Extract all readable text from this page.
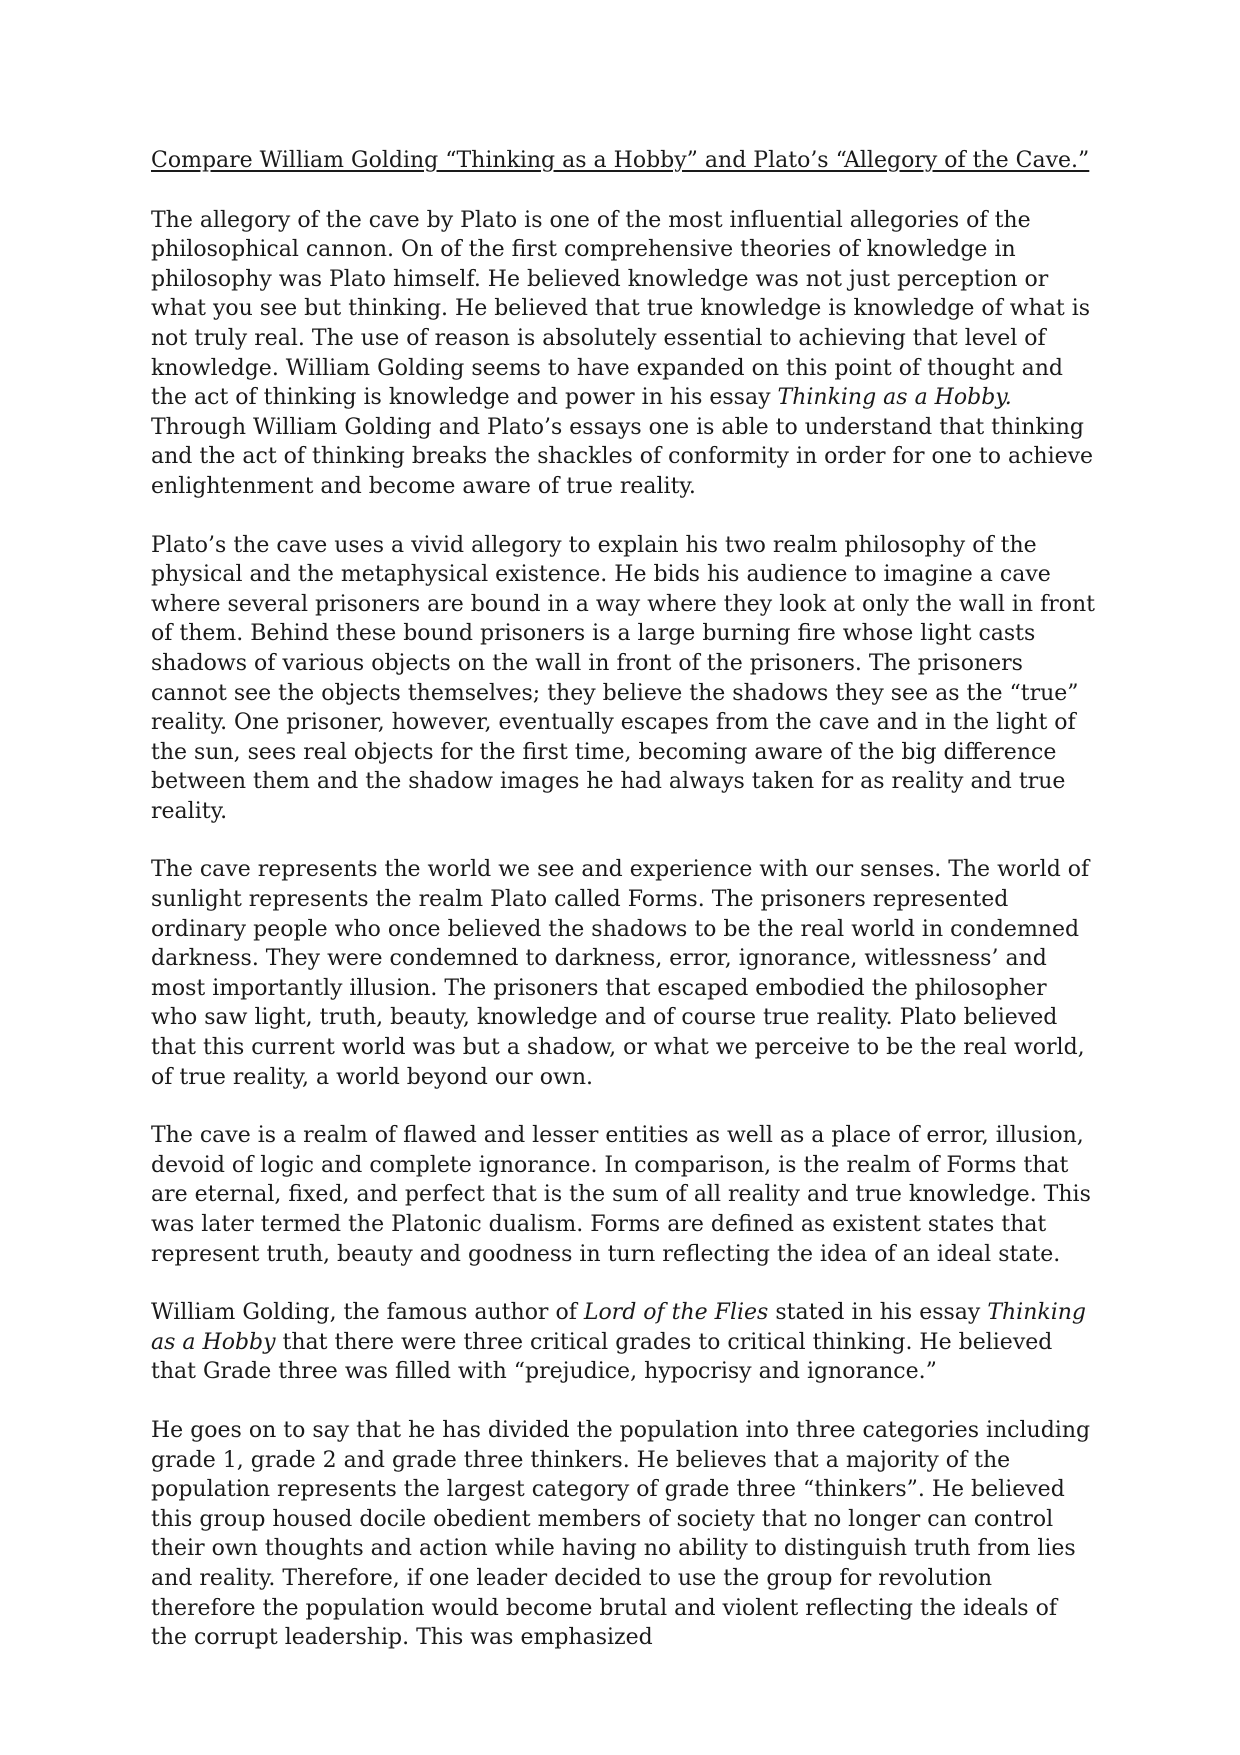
Compare William Golding “Thinking as a Hobby” and Plato’s “Allegory of the Cave.”

The allegory of the cave by Plato is one of the most influential allegories of the philosophical cannon. On of the first comprehensive theories of knowledge in philosophy was Plato himself. He believed knowledge was not just perception or what you see but thinking. He believed that true knowledge is knowledge of what is not truly real. The use of reason is absolutely essential to achieving that level of knowledge. William Golding seems to have expanded on this point of thought and the act of thinking is knowledge and power in his essay Thinking as a Hobby. Through William Golding and Plato’s essays one is able to understand that thinking and the act of thinking breaks the shackles of conformity in order for one to achieve enlightenment and become aware of true reality.

Plato’s the cave uses a vivid allegory to explain his two realm philosophy of the physical and the metaphysical existence. He bids his audience to imagine a cave where several prisoners are bound in a way where they look at only the wall in front of them. Behind these bound prisoners is a large burning fire whose light casts shadows of various objects on the wall in front of the prisoners. The prisoners cannot see the objects themselves; they believe the shadows they see as the “true” reality. One prisoner, however, eventually escapes from the cave and in the light of the sun, sees real objects for the first time, becoming aware of the big difference between them and the shadow images he had always taken for as reality and true reality.

The cave represents the world we see and experience with our senses. The world of sunlight represents the realm Plato called Forms. The prisoners represented ordinary people who once believed the shadows to be the real world in condemned darkness. They were condemned to darkness, error, ignorance, witlessness’ and most importantly illusion. The prisoners that escaped embodied the philosopher who saw light, truth, beauty, knowledge and of course true reality. Plato believed that this current world was but a shadow, or what we perceive to be the real world, of true reality, a world beyond our own.

The cave is a realm of flawed and lesser entities as well as a place of error, illusion, devoid of logic and complete ignorance. In comparison, is the realm of Forms that are eternal, fixed, and perfect that is the sum of all reality and true knowledge. This was later termed the Platonic dualism. Forms are defined as existent states that represent truth, beauty and goodness in turn reflecting the idea of an ideal state.

William Golding, the famous author of Lord of the Flies stated in his essay Thinking as a Hobby that there were three critical grades to critical thinking. He believed that Grade three was filled with “prejudice, hypocrisy and ignorance.”

He goes on to say that he has divided the population into three categories including grade 1, grade 2 and grade three thinkers. He believes that a majority of the population represents the largest category of grade three “thinkers”. He believed this group housed docile obedient members of society that no longer can control their own thoughts and action while having no ability to distinguish truth from lies and reality. Therefore, if one leader decided to use the group for revolution therefore the population would become brutal and violent reflecting the ideals of the corrupt leadership. This was emphasized
